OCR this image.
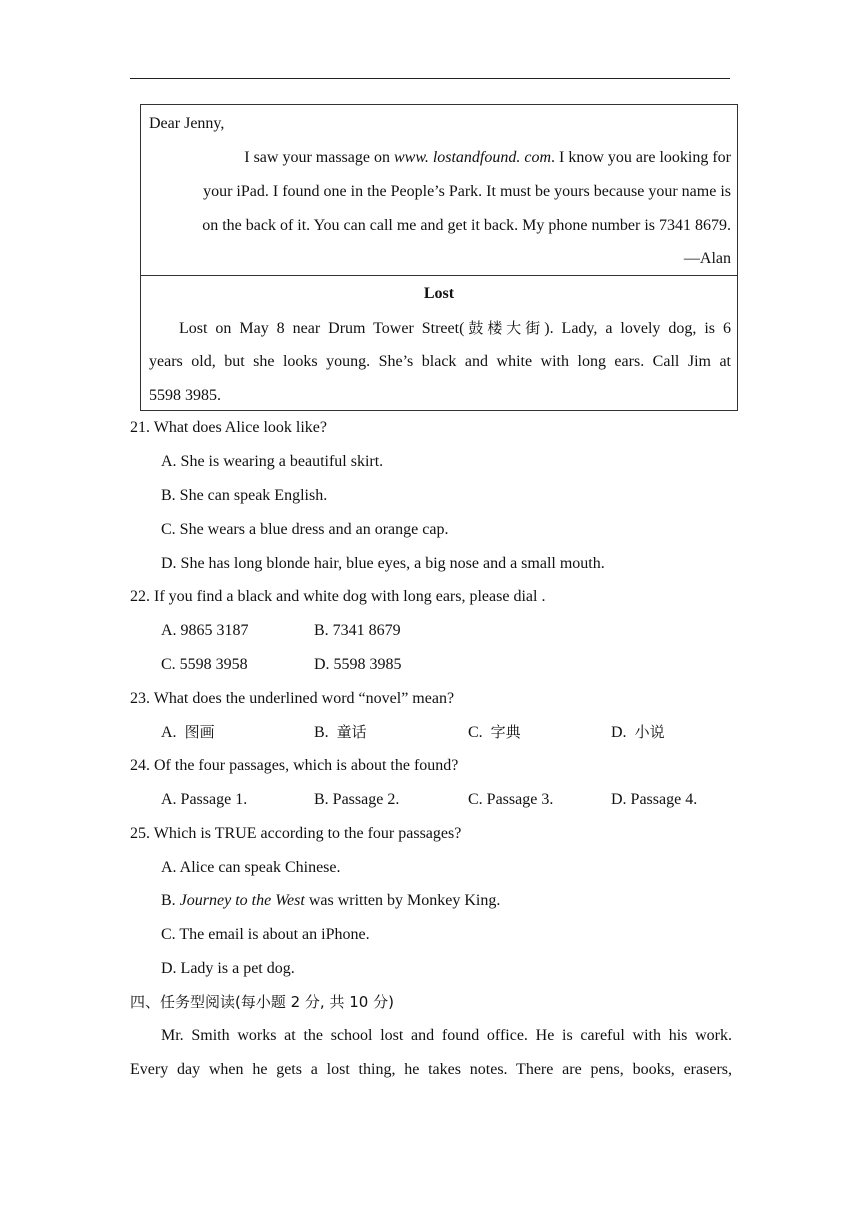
Dear Jenny,
I saw your massage on www. lostandfound. com. I know you are looking for
your iPad. I found one in the People’s Park. It must be yours because your name is
on the back of it. You can call me and get it back. My phone number is 7341 8679.
—Alan
Lost
Lost on May 8 near Drum Tower Street(鼓楼大街). Lady, a lovely dog, is 6
years old, but she looks young. She’s black and white with long ears. Call Jim at
5598 3985.
21. What does Alice look like?
A. She is wearing a beautiful skirt.
B. She can speak English.
C. She wears a blue dress and an orange cap.
D. She has long blonde hair, blue eyes, a big nose and a small mouth.
22. If you find a black and white dog with long ears, please dial .
A. 9865 3187	B. 7341 8679
C. 5598 3958	D. 5598 3985
23. What does the underlined word “novel” mean?
A. 图画	B. 童话	C. 字典	D. 小说
24. Of the four passages, which is about the found?
A. Passage 1.	B. Passage 2.	C. Passage 3.	D. Passage 4.
25. Which is TRUE according to the four passages?
A. Alice can speak Chinese.
B. Journey to the West was written by Monkey King.
C. The email is about an iPhone.
D. Lady is a pet dog.
四、任务型阅读(每小题 2 分, 共 10 分)
Mr. Smith works at the school lost and found office. He is careful with his work.
Every day when he gets a lost thing, he takes notes. There are pens, books, erasers,
